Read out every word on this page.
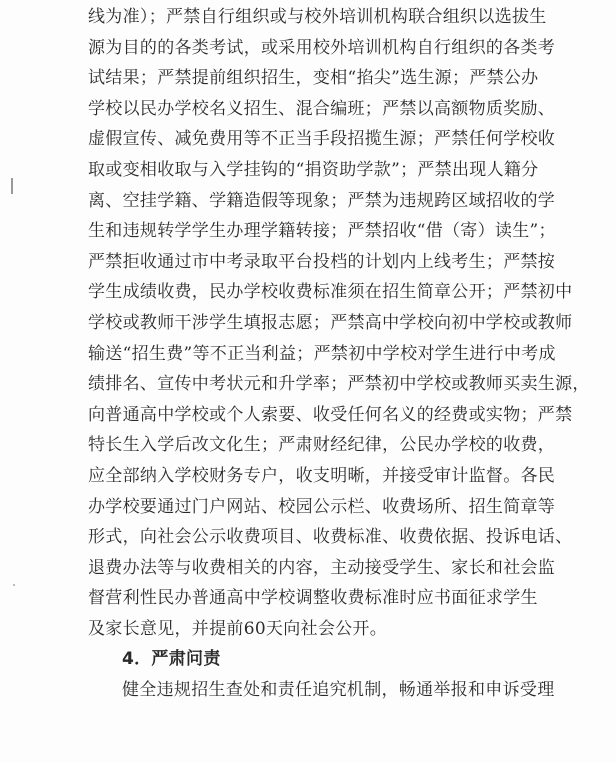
线为准）；严禁自行组织或与校外培训机构联合组织以选拔生
源为目的的各类考试，或采用校外培训机构自行组织的各类考
试结果；严禁提前组织招生，变相“掐尖”选生源；严禁公办
学校以民办学校名义招生、混合编班；严禁以高额物质奖励、
虚假宣传、减免费用等不正当手段招揽生源；严禁任何学校收
取或变相收取与入学挂钩的“捐资助学款”；严禁出现人籍分
离、空挂学籍、学籍造假等现象；严禁为违规跨区域招收的学
生和违规转学学生办理学籍转接；严禁招收“借（寄）读生”；
严禁拒收通过市中考录取平台投档的计划内上线考生；严禁按
学生成绩收费，民办学校收费标准须在招生简章公开；严禁初中
学校或教师干涉学生填报志愿；严禁高中学校向初中学校或教师
输送“招生费”等不正当利益；严禁初中学校对学生进行中考成
绩排名、宣传中考状元和升学率；严禁初中学校或教师买卖生源，
向普通高中学校或个人索要、收受任何名义的经费或实物；严禁
特长生入学后改文化生；严肃财经纪律，公民办学校的收费，
应全部纳入学校财务专户，收支明晰，并接受审计监督。各民
办学校要通过门户网站、校园公示栏、收费场所、招生简章等
形式，向社会公示收费项目、收费标准、收费依据、投诉电话、
退费办法等与收费相关的内容，主动接受学生、家长和社会监
督营利性民办普通高中学校调整收费标准时应书面征求学生
及家长意见，并提前60天向社会公开。
4．严肃问责
健全违规招生查处和责任追究机制，畅通举报和申诉受理
